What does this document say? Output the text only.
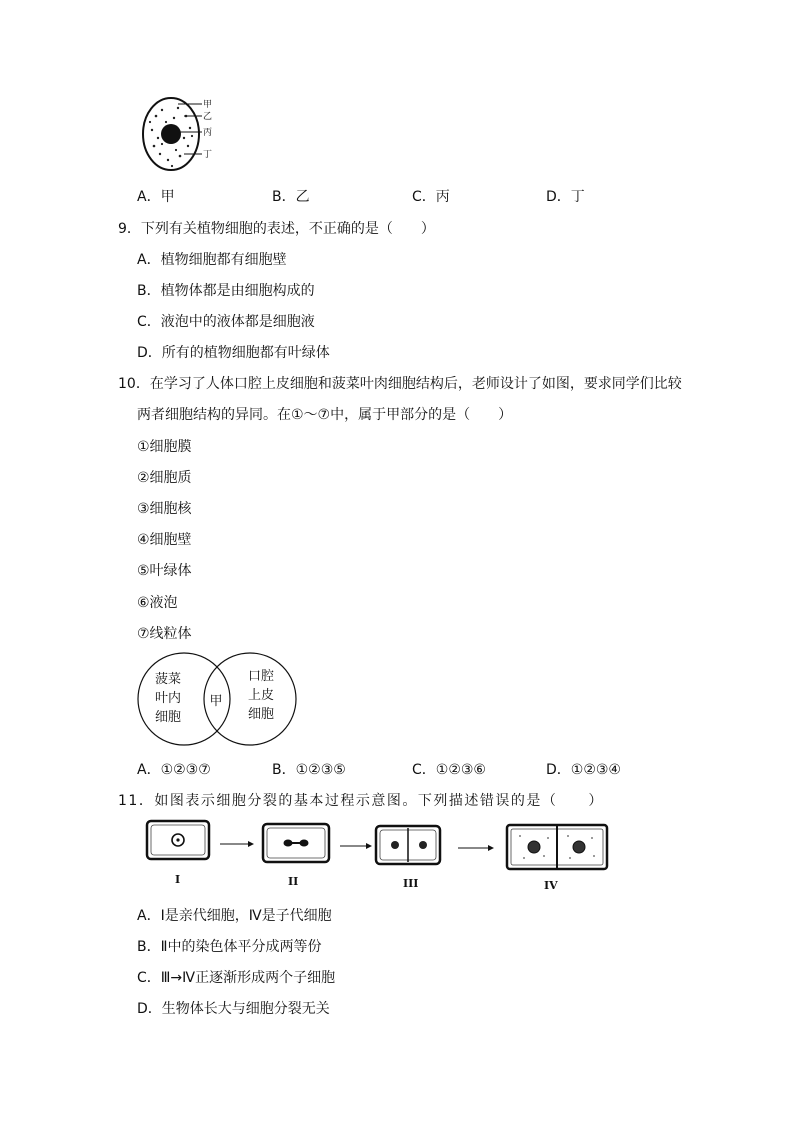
甲
乙
丙
丁
A．甲	B．乙	C．丙	D．丁
9．下列有关植物细胞的表述，不正确的是（　　）
A．植物细胞都有细胞壁
B．植物体都是由细胞构成的
C．液泡中的液体都是细胞液
D．所有的植物细胞都有叶绿体
10．在学习了人体口腔上皮细胞和菠菜叶肉细胞结构后，老师设计了如图，要求同学们比较
两者细胞结构的异同。在①～⑦中，属于甲部分的是（　　）
①细胞膜
②细胞质
③细胞核
④细胞壁
⑤叶绿体
⑥液泡
⑦线粒体
菠菜
叶内
细胞
甲
口腔
上皮
细胞
A．①②③⑦	B．①②③⑤	C．①②③⑥	D．①②③④
11．如图表示细胞分裂的基本过程示意图。下列描述错误的是（　　）
I	II	III	IV
A．Ⅰ是亲代细胞，Ⅳ是子代细胞
B．Ⅱ中的染色体平分成两等份
C．Ⅲ→Ⅳ正逐渐形成两个子细胞
D．生物体长大与细胞分裂无关
